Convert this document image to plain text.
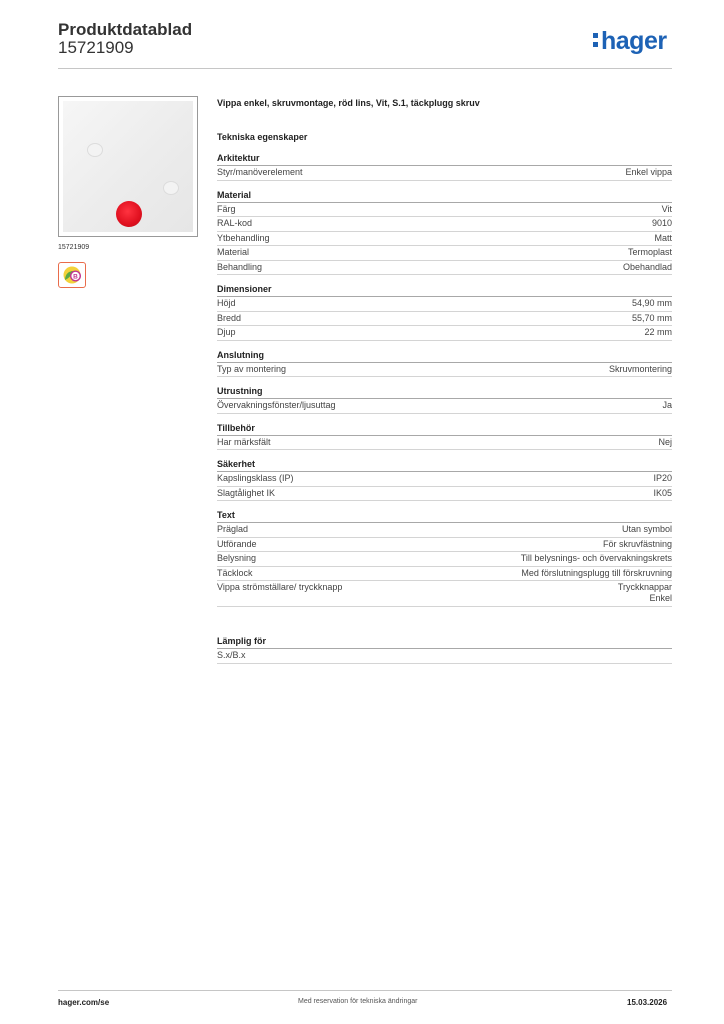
Produktdatablad
15721909	hager
15721909
B
Vippa enkel, skruvmontage, röd lins, Vit, S.1, täckplugg skruv
Tekniska egenskaper
Arkitektur
Styr/manöverelement	Enkel vippa
Material
Färg	Vit
RAL-kod	9010
Ytbehandling	Matt
Material	Termoplast
Behandling	Obehandlad
Dimensioner
Höjd	54,90 mm
Bredd	55,70 mm
Djup	22 mm
Anslutning
Typ av montering	Skruvmontering
Utrustning
Övervakningsfönster/ljusuttag	Ja
Tillbehör
Har märksfält	Nej
Säkerhet
Kapslingsklass (IP)	IP20
Slagtålighet IK	IK05
Text
Präglad	Utan symbol
Utförande	För skruvfästning
Belysning	Till belysnings- och övervakningskrets
Täcklock	Med förslutningsplugg till förskruvning
Vippa strömställare/ tryckknapp	Tryckknappar
Enkel
Lämplig för
S.x/B.x
hager.com/se	Med reservation för tekniska ändringar	15.03.2026
